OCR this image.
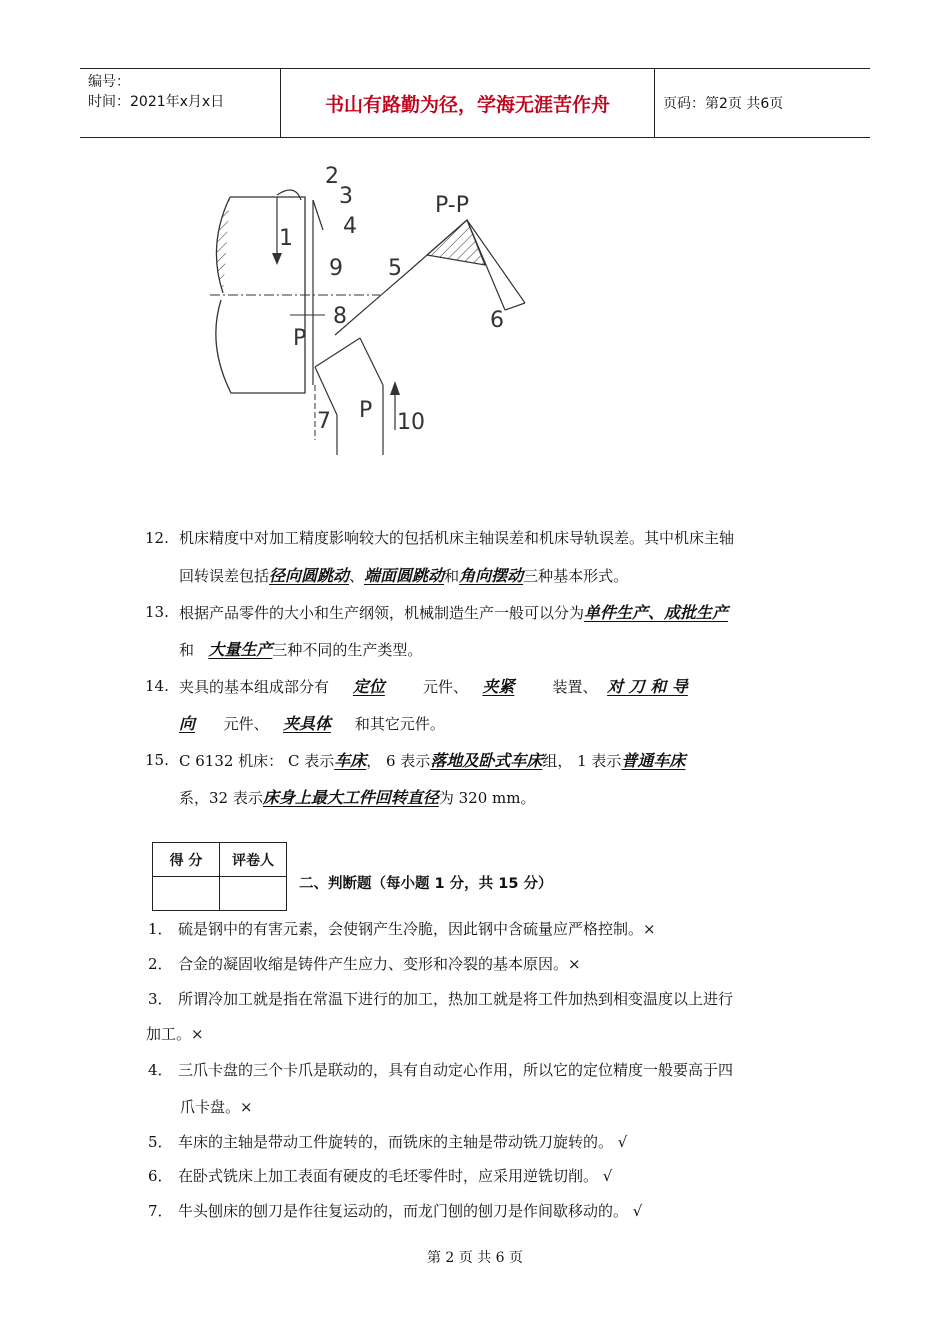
编号：
时间：2021年x月x日	书山有路勤为径，学海无涯苦作舟	页码：第2页 共6页
1
2
3
4
5
6
7
8
9
10
P-P
P
P
12. 机床精度中对加工精度影响较大的包括机床主轴误差和机床导轨误差。其中机床主轴
回转误差包括径向圆跳动、端面圆跳动和角向摆动三种基本形式。
13. 根据产品零件的大小和生产纲领，机械制造生产一般可以分为单件生产、成批生产
和 大量生产三种不同的生产类型。
14. 夹具的基本组成部分有 定位	元件、 夹紧	装置、 对 刀 和 导
向 元件、 夹具体 和其它元件。
15. C 6132 机床： C 表示车床， 6 表示落地及卧式车床组， 1 表示普通车床
系，32 表示床身上最大工件回转直径为 320 mm。
得 分	评卷人

二、判断题（每小题 1 分，共 15 分）
1． 硫是钢中的有害元素，会使钢产生冷脆，因此钢中含硫量应严格控制。×
2． 合金的凝固收缩是铸件产生应力、变形和冷裂的基本原因。×
3． 所谓冷加工就是指在常温下进行的加工，热加工就是将工件加热到相变温度以上进行
加工。×
4． 三爪卡盘的三个卡爪是联动的，具有自动定心作用，所以它的定位精度一般要高于四
爪卡盘。×
5． 车床的主轴是带动工件旋转的，而铣床的主轴是带动铣刀旋转的。 √
6． 在卧式铣床上加工表面有硬皮的毛坯零件时，应采用逆铣切削。 √
7． 牛头刨床的刨刀是作往复运动的，而龙门刨的刨刀是作间歇移动的。 √
第 2 页 共 6 页
